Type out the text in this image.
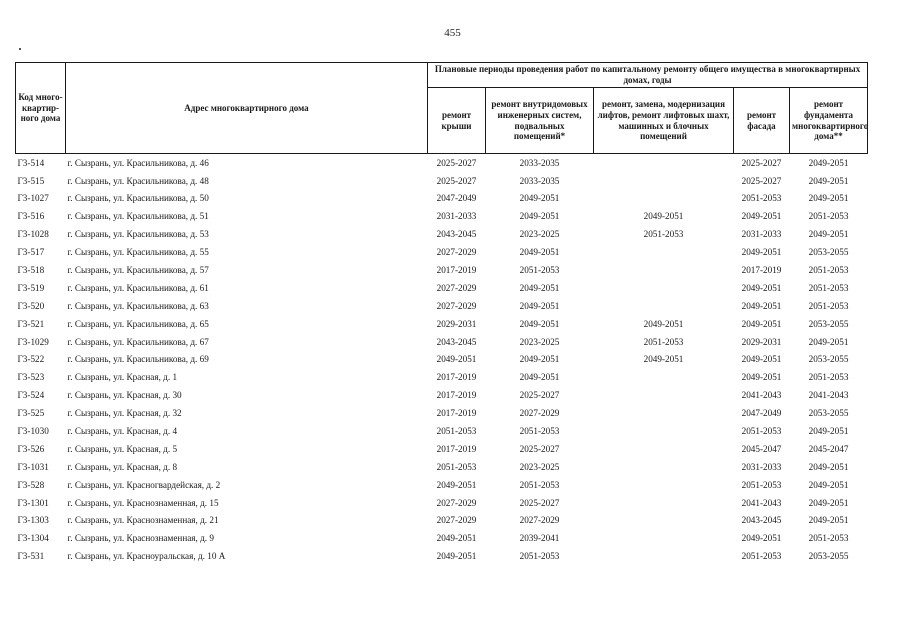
455
Код много-квартир-ного дома	Адрес многоквартирного дома	Плановые периоды проведения работ по капитальному ремонту общего имущества в многоквартирных домах, годы				
		ремонт крыши	ремонт внутридомовых инженерных систем, подвальных помещений*	ремонт, замена, модернизация лифтов, ремонт лифтовых шахт, машинных и блочных помещений	ремонт фасада	ремонт фундамента многоквартирного дома**
Г3-514	г. Сызрань, ул. Красильникова, д. 46	2025-2027	2033-2035		2025-2027	2049-2051
Г3-515	г. Сызрань, ул. Красильникова, д. 48	2025-2027	2033-2035		2025-2027	2049-2051
Г3-1027	г. Сызрань, ул. Красильникова, д. 50	2047-2049	2049-2051		2051-2053	2049-2051
Г3-516	г. Сызрань, ул. Красильникова, д. 51	2031-2033	2049-2051	2049-2051	2049-2051	2051-2053
Г3-1028	г. Сызрань, ул. Красильникова, д. 53	2043-2045	2023-2025	2051-2053	2031-2033	2049-2051
Г3-517	г. Сызрань, ул. Красильникова, д. 55	2027-2029	2049-2051		2049-2051	2053-2055
Г3-518	г. Сызрань, ул. Красильникова, д. 57	2017-2019	2051-2053		2017-2019	2051-2053
Г3-519	г. Сызрань, ул. Красильникова, д. 61	2027-2029	2049-2051		2049-2051	2051-2053
Г3-520	г. Сызрань, ул. Красильникова, д. 63	2027-2029	2049-2051		2049-2051	2051-2053
Г3-521	г. Сызрань, ул. Красильникова, д. 65	2029-2031	2049-2051	2049-2051	2049-2051	2053-2055
Г3-1029	г. Сызрань, ул. Красильникова, д. 67	2043-2045	2023-2025	2051-2053	2029-2031	2049-2051
Г3-522	г. Сызрань, ул. Красильникова, д. 69	2049-2051	2049-2051	2049-2051	2049-2051	2053-2055
Г3-523	г. Сызрань, ул. Красная, д. 1	2017-2019	2049-2051		2049-2051	2051-2053
Г3-524	г. Сызрань, ул. Красная, д. 30	2017-2019	2025-2027		2041-2043	2041-2043
Г3-525	г. Сызрань, ул. Красная, д. 32	2017-2019	2027-2029		2047-2049	2053-2055
Г3-1030	г. Сызрань, ул. Красная, д. 4	2051-2053	2051-2053		2051-2053	2049-2051
Г3-526	г. Сызрань, ул. Красная, д. 5	2017-2019	2025-2027		2045-2047	2045-2047
Г3-1031	г. Сызрань, ул. Красная, д. 8	2051-2053	2023-2025		2031-2033	2049-2051
Г3-528	г. Сызрань, ул. Красногвардейская, д. 2	2049-2051	2051-2053		2051-2053	2049-2051
Г3-1301	г. Сызрань, ул. Краснознаменная, д. 15	2027-2029	2025-2027		2041-2043	2049-2051
Г3-1303	г. Сызрань, ул. Краснознаменная, д. 21	2027-2029	2027-2029		2043-2045	2049-2051
Г3-1304	г. Сызрань, ул. Краснознаменная, д. 9	2049-2051	2039-2041		2049-2051	2051-2053
Г3-531	г. Сызрань, ул. Красноуральская, д. 10 А	2049-2051	2051-2053		2051-2053	2053-2055
